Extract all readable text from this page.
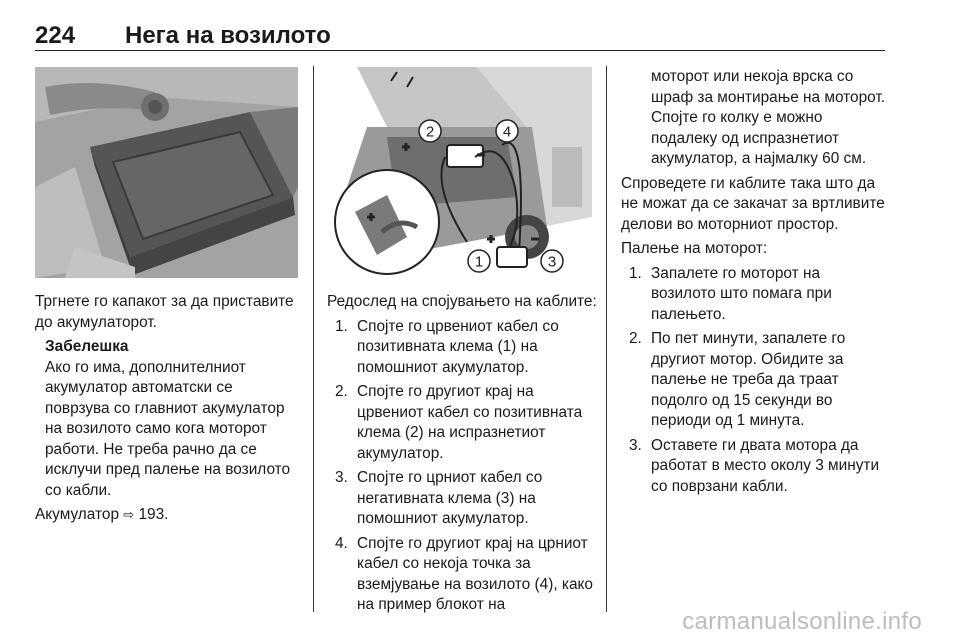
224 Нега на возилото
2	4
1	3

Тргнете го капакот за да приставите до акумулаторот.

Забелешка
Ако го има, дополнителниот акумулатор автоматски се поврзува со главниот акумулатор на возилото само кога моторот работи. Не треба рачно да се исклучи пред палење на возилото со кабли.

Акумулатор ⇨ 193.

Редослед на спојувањето на каблите:

1. Спојте го црвениот кабел со позитивната клема (1) на помошниот акумулатор.
2. Спојте го другиот крај на црвениот кабел со позитивната клема (2) на испразнетиот акумулатор.
3. Спојте го црниот кабел со негативната клема (3) на помошниот акумулатор.
4. Спојте го другиот крај на црниот кабел со некоја точка за вземјување на возилото (4), како на пример блокот на

моторот или некоја врска со шраф за монтирање на моторот. Спојте го колку е можно подалеку од испразнетиот акумулатор, а најмалку 60 см.

Спроведете ги каблите така што да не можат да се закачат за вртливите делови во моторниот простор.

Палење на моторот:

1. Запалете го моторот на возилото што помага при палењето.
2. По пет минути, запалете го другиот мотор. Обидите за палење не треба да траат подолго од 15 секунди во периоди од 1 минута.
3. Оставете ги двата мотора да работат в место околу 3 минути со поврзани кабли.
carmanualsonline.info
